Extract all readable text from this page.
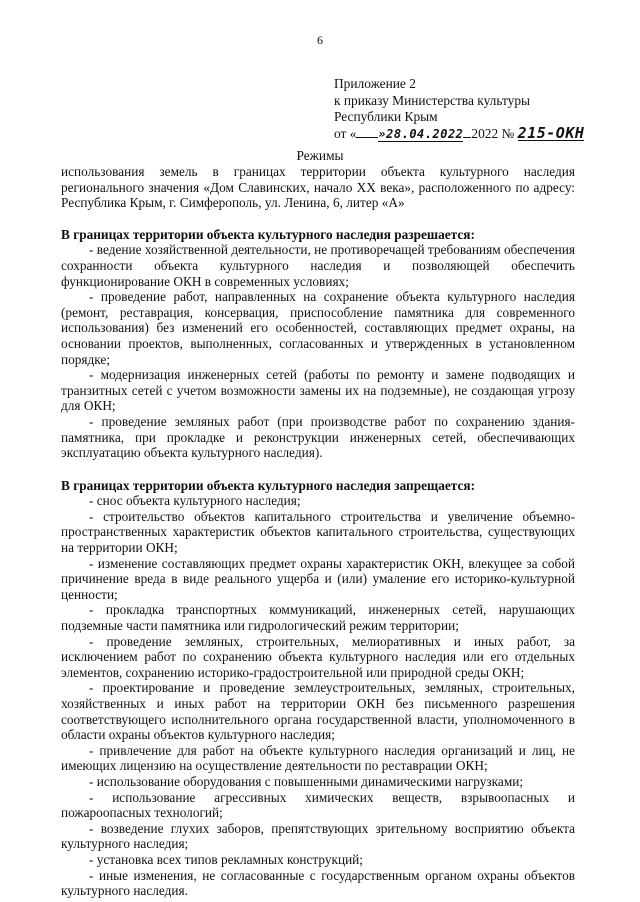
6
Приложение 2
к приказу Министерства культуры
Республики Крым
от « »28.04.2022 2022 № 215-ОКН
Режимы

использования земель в границах территории объекта культурного наследия регионального значения «Дом Славинских, начало ХХ века», расположенного по адресу: Республика Крым, г. Симферополь, ул. Ленина, 6, литер «А»

В границах территории объекта культурного наследия разрешается:

- ведение хозяйственной деятельности, не противоречащей требованиям обеспечения сохранности объекта культурного наследия и позволяющей обеспечить функционирование ОКН в современных условиях;

- проведение работ, направленных на сохранение объекта культурного наследия (ремонт, реставрация, консервация, приспособление памятника для современного использования) без изменений его особенностей, составляющих предмет охраны, на основании проектов, выполненных, согласованных и утвержденных в установленном порядке;

- модернизация инженерных сетей (работы по ремонту и замене подводящих и транзитных сетей с учетом возможности замены их на подземные), не создающая угрозу для ОКН;

- проведение земляных работ (при производстве работ по сохранению здания-памятника, при прокладке и реконструкции инженерных сетей, обеспечивающих эксплуатацию объекта культурного наследия).

В границах территории объекта культурного наследия запрещается:

- снос объекта культурного наследия;

- строительство объектов капитального строительства и увеличение объемно-пространственных характеристик объектов капитального строительства, существующих на территории ОКН;

- изменение составляющих предмет охраны характеристик ОКН, влекущее за собой причинение вреда в виде реального ущерба и (или) умаление его историко-культурной ценности;

- прокладка транспортных коммуникаций, инженерных сетей, нарушающих подземные части памятника или гидрологический режим территории;

- проведение земляных, строительных, мелиоративных и иных работ, за исключением работ по сохранению объекта культурного наследия или его отдельных элементов, сохранению историко-градостроительной или природной среды ОКН;

- проектирование и проведение землеустроительных, земляных, строительных, хозяйственных и иных работ на территории ОКН без письменного разрешения соответствующего исполнительного органа государственной власти, уполномоченного в области охраны объектов культурного наследия;

- привлечение для работ на объекте культурного наследия организаций и лиц, не имеющих лицензию на осуществление деятельности по реставрации ОКН;

- использование оборудования с повышенными динамическими нагрузками;

- использование агрессивных химических веществ, взрывоопасных и пожароопасных технологий;

- возведение глухих заборов, препятствующих зрительному восприятию объекта культурного наследия;

- установка всех типов рекламных конструкций;

- иные изменения, не согласованные с государственным органом охраны объектов культурного наследия.
